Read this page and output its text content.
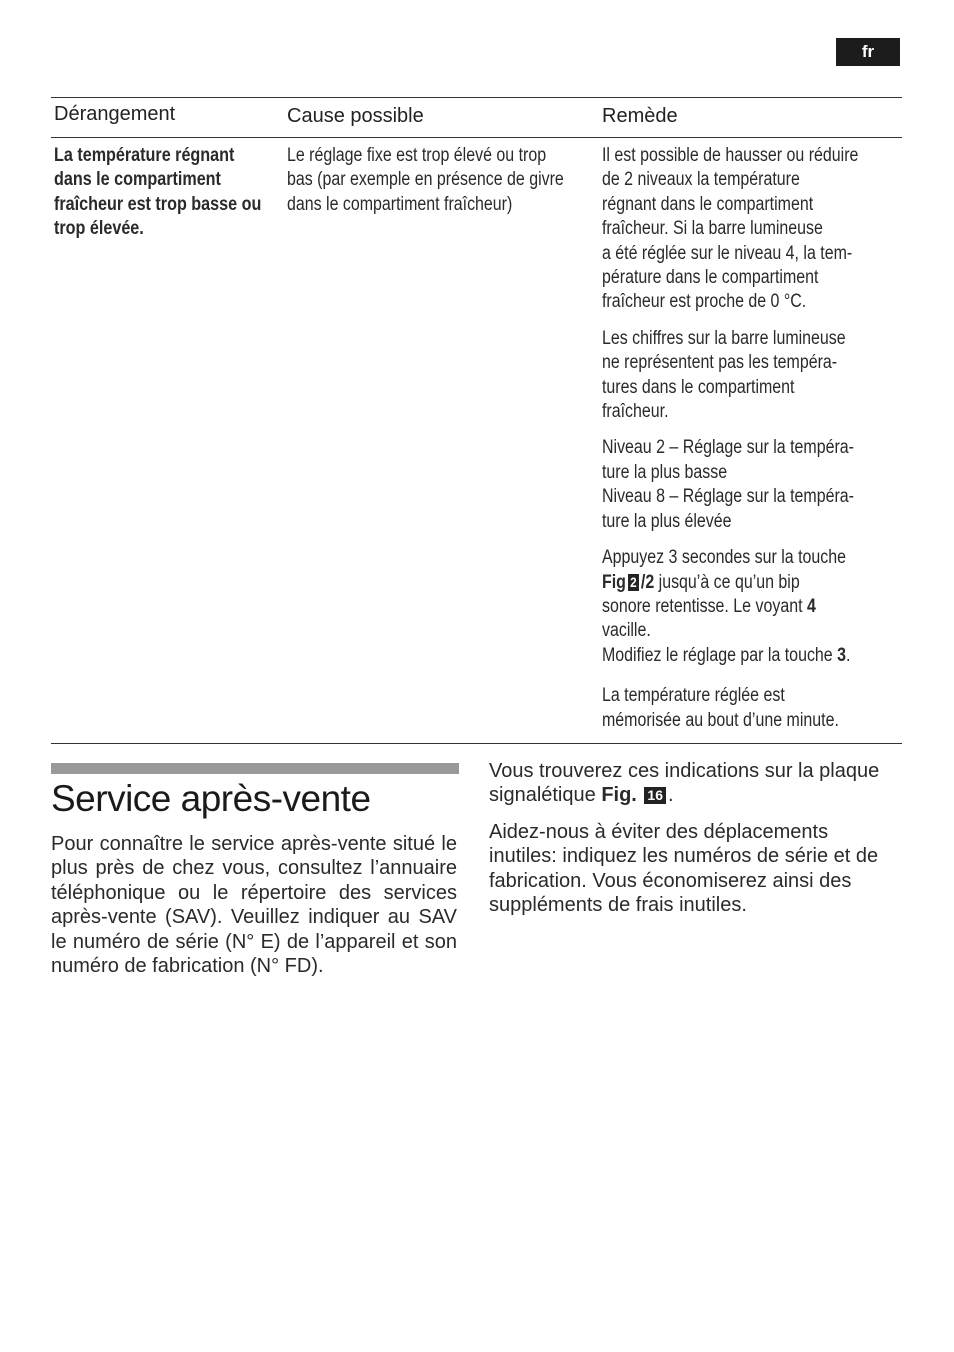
fr
Dérangement	Cause possible	Remède
La température régnant dans le compartiment fraîcheur est trop basse ou trop élevée.
Le réglage fixe est trop élevé ou trop bas (par exemple en présence de givre dans le compartiment fraîcheur)

Il est possible de hausser ou réduire
de 2 niveaux la température
régnant dans le compartiment
fraîcheur. Si la barre lumineuse
a été réglée sur le niveau 4, la tem-
pérature dans le compartiment
fraîcheur est proche de 0 °C.

Les chiffres sur la barre lumineuse
ne représentent pas les tempéra-
tures dans le compartiment
fraîcheur.

Niveau 2 – Réglage sur la tempéra-
ture la plus basse
Niveau 8 – Réglage sur la tempéra-
ture la plus élevée

Appuyez 3 secondes sur la touche
Fig 2 /2 jusqu’à ce qu’un bip
sonore retentisse. Le voyant 4
vacille.
Modifiez le réglage par la touche 3.

La température réglée est
mémorisée au bout d’une minute.

Service après-vente

Pour connaître le service après-vente situé le plus près de chez vous, consultez l’annuaire téléphonique ou le répertoire des services après-vente (SAV). Veuillez indiquer au SAV le numéro de série (N° E) de l’appareil et son numéro de fabrication (N° FD).

Vous trouverez ces indications sur la plaque signalétique Fig. 16 .

Aidez-nous à éviter des déplacements inutiles: indiquez les numéros de série et de fabrication. Vous économiserez ainsi des suppléments de frais inutiles.
